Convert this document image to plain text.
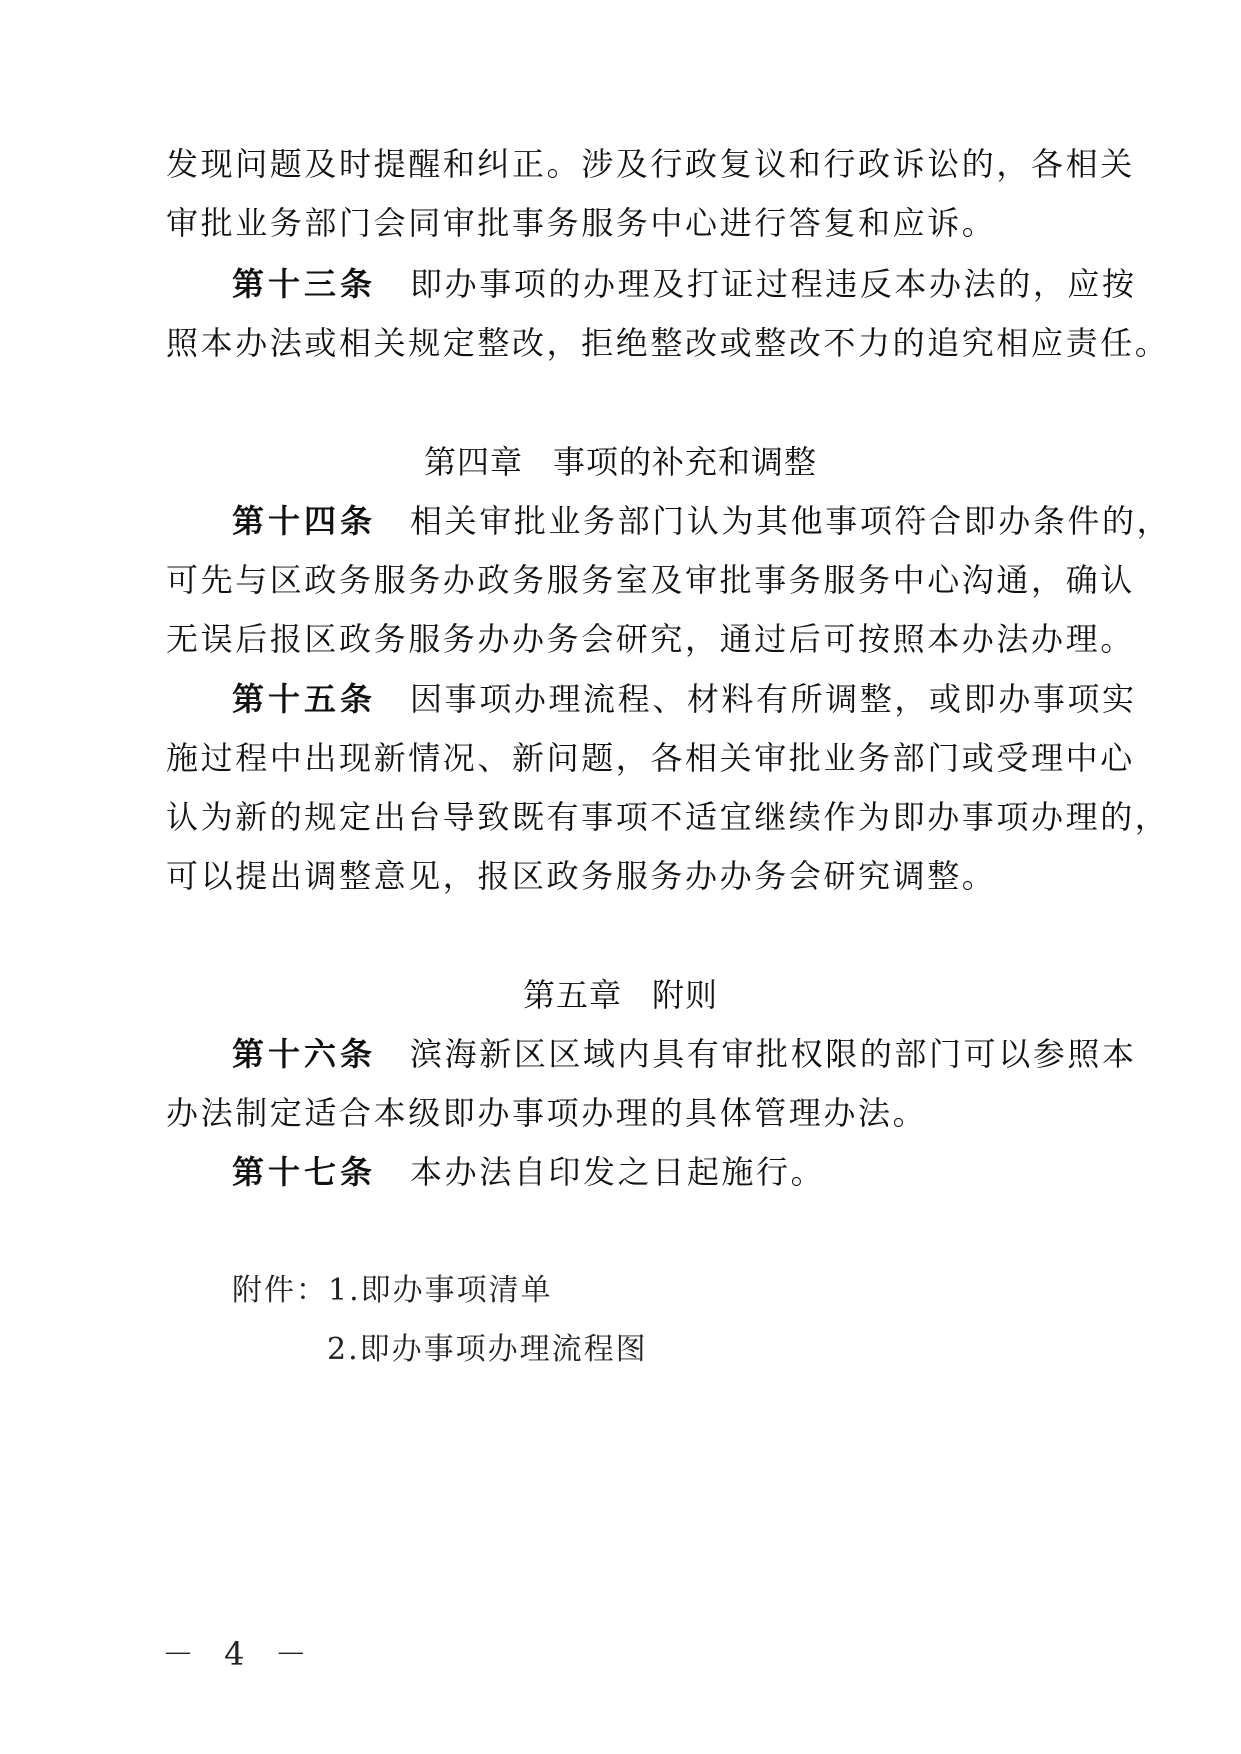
发现问题及时提醒和纠正。涉及行政复议和行政诉讼的，各相关
审批业务部门会同审批事务服务中心进行答复和应诉。
第十三条 即办事项的办理及打证过程违反本办法的，应按
照本办法或相关规定整改，拒绝整改或整改不力的追究相应责任。
第四章 事项的补充和调整
第十四条 相关审批业务部门认为其他事项符合即办条件的，
可先与区政务服务办政务服务室及审批事务服务中心沟通，确认
无误后报区政务服务办办务会研究，通过后可按照本办法办理。
第十五条 因事项办理流程、材料有所调整，或即办事项实
施过程中出现新情况、新问题，各相关审批业务部门或受理中心
认为新的规定出台导致既有事项不适宜继续作为即办事项办理的，
可以提出调整意见，报区政务服务办办务会研究调整。
第五章 附则
第十六条 滨海新区区域内具有审批权限的部门可以参照本
办法制定适合本级即办事项办理的具体管理办法。
第十七条 本办法自印发之日起施行。
附件：1.即办事项清单
2.即办事项办理流程图
－ 4 －
